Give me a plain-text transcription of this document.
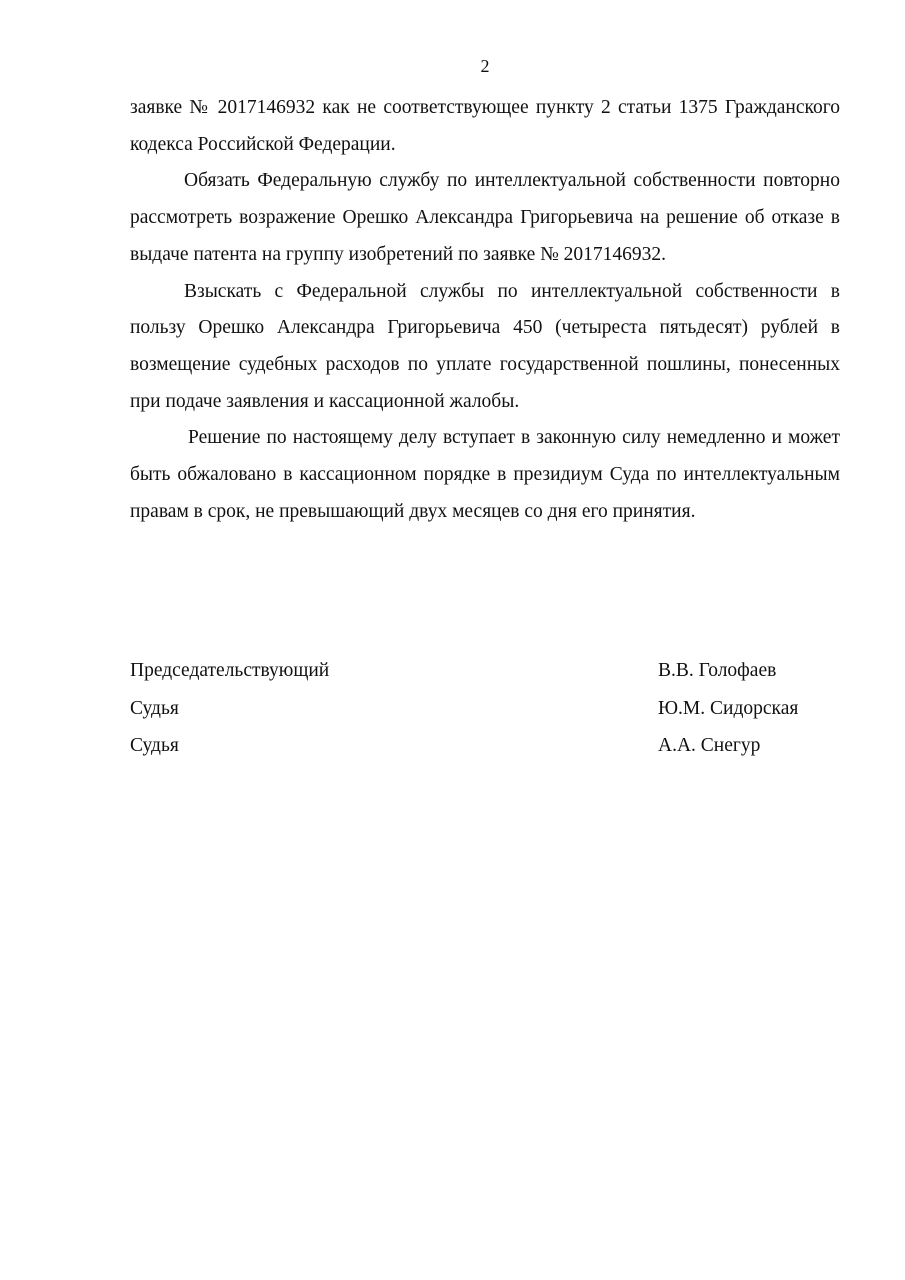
2

заявке № 2017146932 как не соответствующее пункту 2 статьи 1375 Гражданского кодекса Российской Федерации.

Обязать Федеральную службу по интеллектуальной собственности повторно рассмотреть возражение Орешко Александра Григорьевича на решение об отказе в выдаче патента на группу изобретений по заявке № 2017146932.

Взыскать с Федеральной службы по интеллектуальной собственности в пользу Орешко Александра Григорьевича 450 (четыреста пятьдесят) рублей в возмещение судебных расходов по уплате государственной пошлины, понесенных при подаче заявления и кассационной жалобы.

Решение по настоящему делу вступает в законную силу немедленно и может быть обжаловано в кассационном порядке в президиум Суда по интеллектуальным правам в срок, не превышающий двух месяцев со дня его принятия.

Председательствующий	В.В. Голофаев
Судья	Ю.М. Сидорская
Судья	А.А. Снегур
